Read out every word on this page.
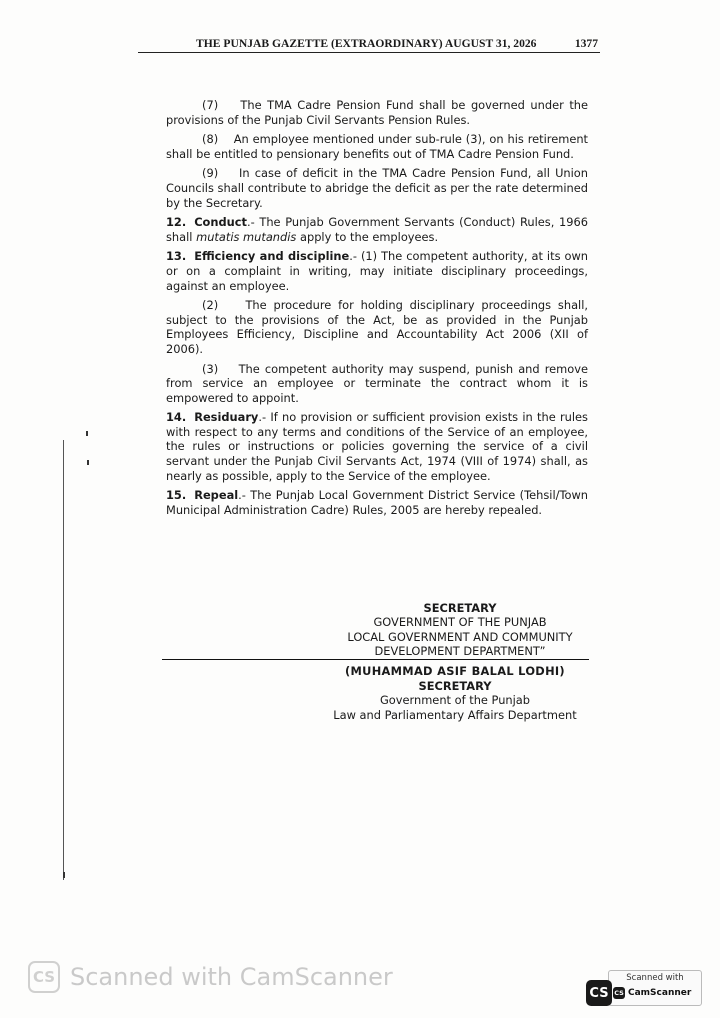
THE PUNJAB GAZETTE (EXTRAORDINARY) AUGUST 31, 2026	1377

(7) The TMA Cadre Pension Fund shall be governed under the provisions of the Punjab Civil Servants Pension Rules.

(8) An employee mentioned under sub-rule (3), on his retirement shall be entitled to pensionary benefits out of TMA Cadre Pension Fund.

(9) In case of deficit in the TMA Cadre Pension Fund, all Union Councils shall contribute to abridge the deficit as per the rate determined by the Secretary.

12. Conduct.- The Punjab Government Servants (Conduct) Rules, 1966 shall mutatis mutandis apply to the employees.

13. Efficiency and discipline.- (1) The competent authority, at its own or on a complaint in writing, may initiate disciplinary proceedings, against an employee.

(2) The procedure for holding disciplinary proceedings shall, subject to the provisions of the Act, be as provided in the Punjab Employees Efficiency, Discipline and Accountability Act 2006 (XII of 2006).

(3) The competent authority may suspend, punish and remove from service an employee or terminate the contract whom it is empowered to appoint.

14. Residuary.- If no provision or sufficient provision exists in the rules with respect to any terms and conditions of the Service of an employee, the rules or instructions or policies governing the service of a civil servant under the Punjab Civil Servants Act, 1974 (VIII of 1974) shall, as nearly as possible, apply to the Service of the employee.

15. Repeal.- The Punjab Local Government District Service (Tehsil/Town Municipal Administration Cadre) Rules, 2005 are hereby repealed.

SECRETARY
GOVERNMENT OF THE PUNJAB
LOCAL GOVERNMENT AND COMMUNITY
DEVELOPMENT DEPARTMENT”
(MUHAMMAD ASIF BALAL LODHI)
SECRETARY
Government of the Punjab
Law and Parliamentary Affairs Department
CS Scanned with CamScanner	Scanned with
CS CamScanner
CS
